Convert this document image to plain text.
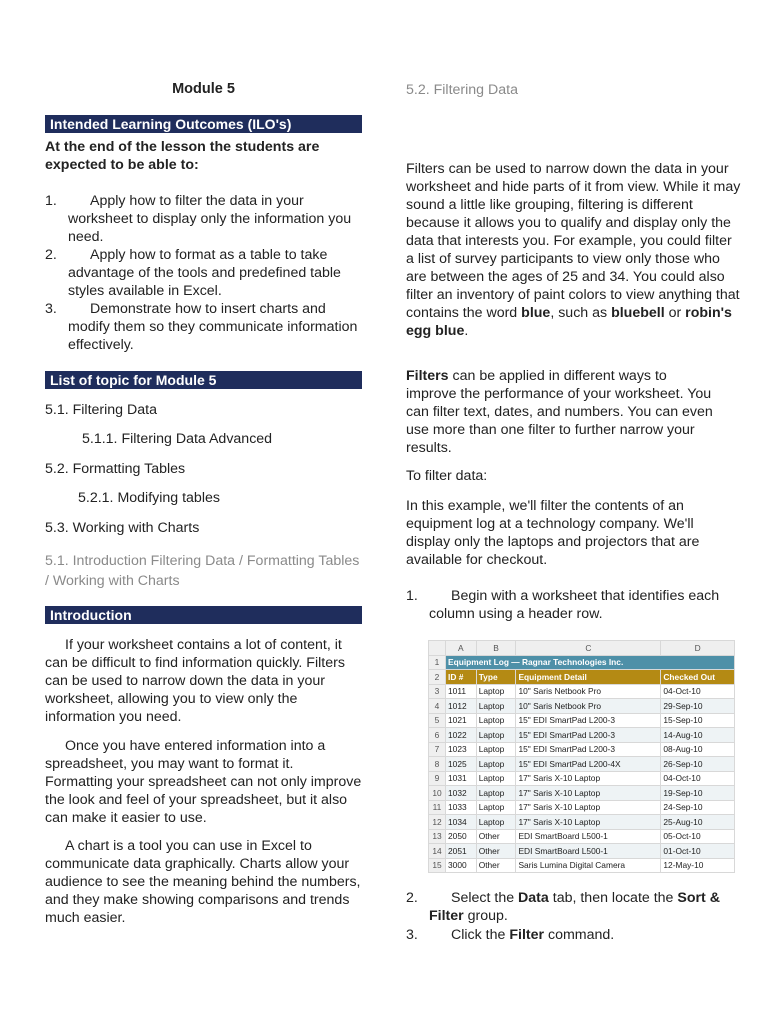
Module 5
Intended Learning Outcomes (ILO's)
At the end of the lesson the students are expected to be able to:
1. Apply how to filter the data in your worksheet to display only the information you need.
2. Apply how to format as a table to take advantage of the tools and predefined table styles available in Excel.
3. Demonstrate how to insert charts and modify them so they communicate information effectively.
List of topic for Module 5
5.1. Filtering Data
5.1.1. Filtering Data Advanced
5.2. Formatting Tables
5.2.1. Modifying tables
5.3. Working with Charts
5.1. Introduction Filtering Data / Formatting Tables / Working with Charts
Introduction
If your worksheet contains a lot of content, it can be difficult to find information quickly. Filters can be used to narrow down the data in your worksheet, allowing you to view only the information you need.
Once you have entered information into a spreadsheet, you may want to format it. Formatting your spreadsheet can not only improve the look and feel of your spreadsheet, but it also can make it easier to use.
A chart is a tool you can use in Excel to communicate data graphically. Charts allow your audience to see the meaning behind the numbers, and they make showing comparisons and trends much easier.
5.2. Filtering Data
Filters can be used to narrow down the data in your worksheet and hide parts of it from view. While it may sound a little like grouping, filtering is different because it allows you to qualify and display only the data that interests you. For example, you could filter a list of survey participants to view only those who are between the ages of 25 and 34. You could also filter an inventory of paint colors to view anything that contains the word blue, such as bluebell or robin's egg blue.
Filters can be applied in different ways to improve the performance of your worksheet. You can filter text, dates, and numbers. You can even use more than one filter to further narrow your results.
To filter data:
In this example, we'll filter the contents of an equipment log at a technology company. We'll display only the laptops and projectors that are available for checkout.
1. Begin with a worksheet that identifies each column using a header row.
2. Select the Data tab, then locate the Sort & Filter group.
3. Click the Filter command.
	A	B	C	D
1	Equipment Log — Ragnar Technologies Inc.			
2	ID #	Type	Equipment Detail	Checked Out
3	1011	Laptop	10" Saris Netbook Pro	04-Oct-10
4	1012	Laptop	10" Saris Netbook Pro	29-Sep-10
5	1021	Laptop	15" EDI SmartPad L200-3	15-Sep-10
6	1022	Laptop	15" EDI SmartPad L200-3	14-Aug-10
7	1023	Laptop	15" EDI SmartPad L200-3	08-Aug-10
8	1025	Laptop	15" EDI SmartPad L200-4X	26-Sep-10
9	1031	Laptop	17" Saris X-10 Laptop	04-Oct-10
10	1032	Laptop	17" Saris X-10 Laptop	19-Sep-10
11	1033	Laptop	17" Saris X-10 Laptop	24-Sep-10
12	1034	Laptop	17" Saris X-10 Laptop	25-Aug-10
13	2050	Other	EDI SmartBoard L500-1	05-Oct-10
14	2051	Other	EDI SmartBoard L500-1	01-Oct-10
15	3000	Other	Saris Lumina Digital Camera	12-May-10
